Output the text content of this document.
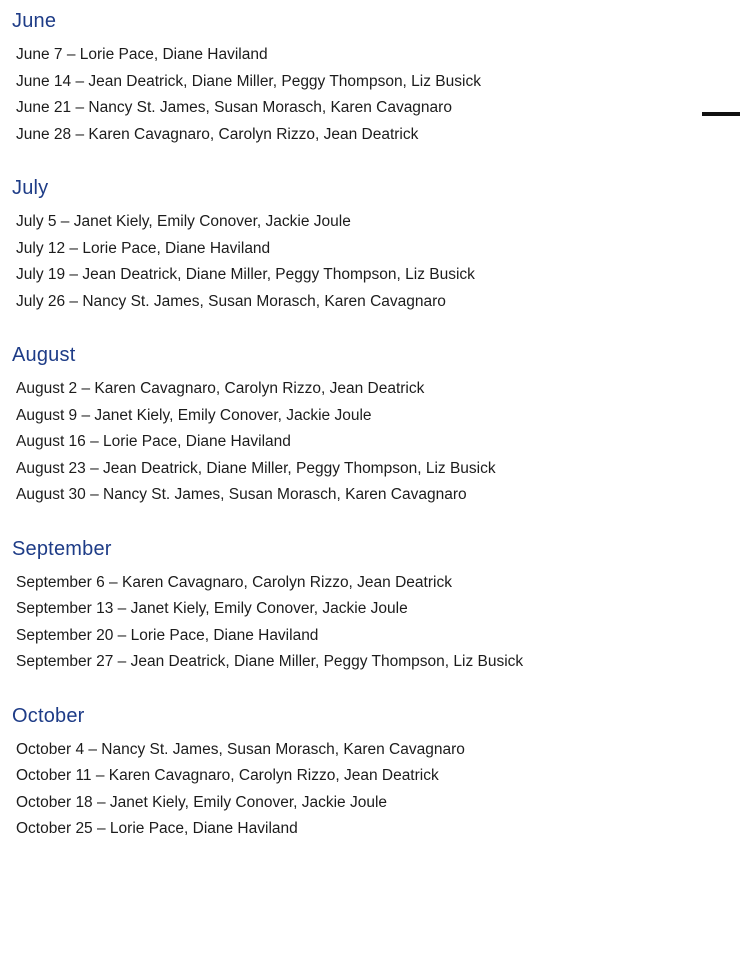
June
June 7 – Lorie Pace, Diane Haviland
June 14 – Jean Deatrick, Diane Miller, Peggy Thompson, Liz Busick
June 21 – Nancy St. James, Susan Morasch, Karen Cavagnaro
June 28 – Karen Cavagnaro, Carolyn Rizzo, Jean Deatrick
July
July 5 – Janet Kiely, Emily Conover, Jackie Joule
July 12 – Lorie Pace, Diane Haviland
July 19 – Jean Deatrick, Diane Miller, Peggy Thompson, Liz Busick
July 26 – Nancy St. James, Susan Morasch, Karen Cavagnaro
August
August 2 – Karen Cavagnaro, Carolyn Rizzo, Jean Deatrick
August 9 – Janet Kiely, Emily Conover, Jackie Joule
August 16 – Lorie Pace, Diane Haviland
August 23 – Jean Deatrick, Diane Miller, Peggy Thompson, Liz Busick
August 30 – Nancy St. James, Susan Morasch, Karen Cavagnaro
September
September 6 – Karen Cavagnaro, Carolyn Rizzo, Jean Deatrick
September 13 – Janet Kiely, Emily Conover, Jackie Joule
September 20 – Lorie Pace, Diane Haviland
September 27 – Jean Deatrick, Diane Miller, Peggy Thompson, Liz Busick
October
October 4 – Nancy St. James, Susan Morasch, Karen Cavagnaro
October 11 – Karen Cavagnaro, Carolyn Rizzo, Jean Deatrick
October 18 – Janet Kiely, Emily Conover, Jackie Joule
October 25 – Lorie Pace, Diane Haviland
